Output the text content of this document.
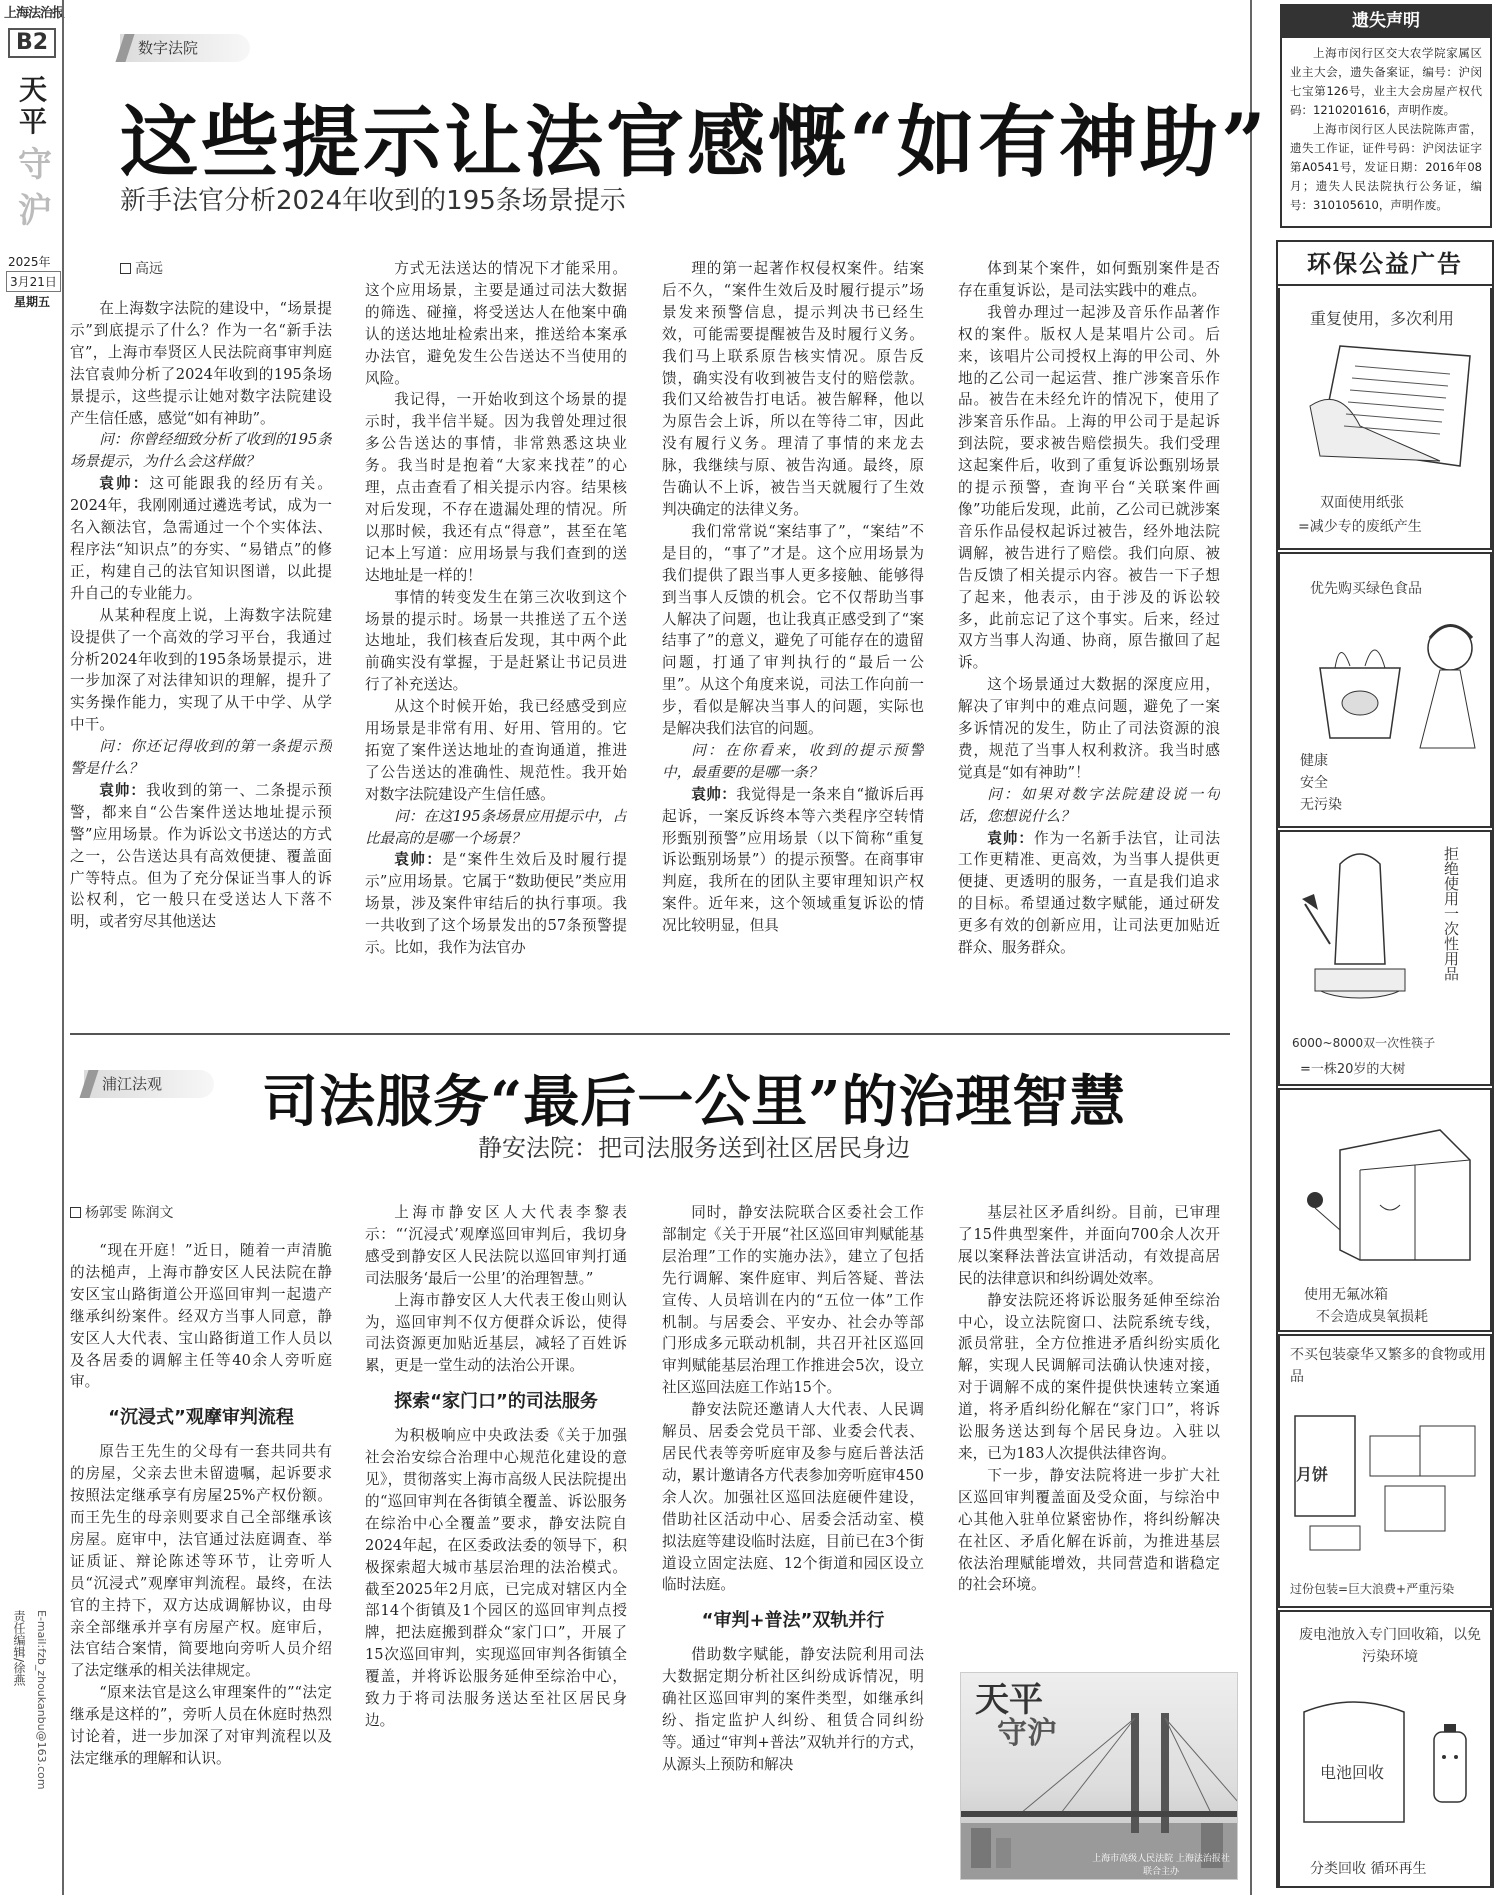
上海法治报
B2
天平
守沪
2025年
3月21日
星期五
责任编辑/徐燕 E-mail:fzb_zhoukanbu@163.com
数字法院
这些提示让法官感慨“如有神助”
新手法官分析2024年收到的195条场景提示
高远

在上海数字法院的建设中，“场景提示”到底提示了什么？作为一名“新手法官”，上海市奉贤区人民法院商事审判庭法官袁帅分析了2024年收到的195条场景提示，这些提示让她对数字法院建设产生信任感，感觉“如有神助”。

问：你曾经细致分析了收到的195条场景提示，为什么会这样做？

袁帅：这可能跟我的经历有关。2024年，我刚刚通过遴选考试，成为一名入额法官，急需通过一个个实体法、程序法“知识点”的夯实、“易错点”的修正，构建自己的法官知识图谱，以此提升自己的专业能力。

从某种程度上说，上海数字法院建设提供了一个高效的学习平台，我通过分析2024年收到的195条场景提示，进一步加深了对法律知识的理解，提升了实务操作能力，实现了从干中学、从学中干。

问：你还记得收到的第一条提示预警是什么？

袁帅：我收到的第一、二条提示预警，都来自“公告案件送达地址提示预警”应用场景。作为诉讼文书送达的方式之一，公告送达具有高效便捷、覆盖面广等特点。但为了充分保证当事人的诉讼权利，它一般只在受送达人下落不明，或者穷尽其他送达

方式无法送达的情况下才能采用。这个应用场景，主要是通过司法大数据的筛选、碰撞，将受送达人在他案中确认的送达地址检索出来，推送给本案承办法官，避免发生公告送达不当使用的风险。

我记得，一开始收到这个场景的提示时，我半信半疑。因为我曾处理过很多公告送达的事情，非常熟悉这块业务。我当时是抱着“大家来找茬”的心理，点击查看了相关提示内容。结果核对后发现，不存在遗漏处理的情况。所以那时候，我还有点“得意”，甚至在笔记本上写道：应用场景与我们查到的送达地址是一样的！

事情的转变发生在第三次收到这个场景的提示时。场景一共推送了五个送达地址，我们核查后发现，其中两个此前确实没有掌握，于是赶紧让书记员进行了补充送达。

从这个时候开始，我已经感受到应用场景是非常有用、好用、管用的。它拓宽了案件送达地址的查询通道，推进了公告送达的准确性、规范性。我开始对数字法院建设产生信任感。

问：在这195条场景应用提示中，占比最高的是哪一个场景？

袁帅：是“案件生效后及时履行提示”应用场景。它属于“数助便民”类应用场景，涉及案件审结后的执行事项。我一共收到了这个场景发出的57条预警提示。比如，我作为法官办

理的第一起著作权侵权案件。结案后不久，“案件生效后及时履行提示”场景发来预警信息，提示判决书已经生效，可能需要提醒被告及时履行义务。我们马上联系原告核实情况。原告反馈，确实没有收到被告支付的赔偿款。我们又给被告打电话。被告解释，他以为原告会上诉，所以在等待二审，因此没有履行义务。理清了事情的来龙去脉，我继续与原、被告沟通。最终，原告确认不上诉，被告当天就履行了生效判决确定的法律义务。

我们常常说“案结事了”，“案结”不是目的，“事了”才是。这个应用场景为我们提供了跟当事人更多接触、能够得到当事人反馈的机会。它不仅帮助当事人解决了问题，也让我真正感受到了“案结事了”的意义，避免了可能存在的遗留问题，打通了审判执行的“最后一公里”。从这个角度来说，司法工作向前一步，看似是解决当事人的问题，实际也是解决我们法官的问题。

问：在你看来，收到的提示预警中，最重要的是哪一条？

袁帅：我觉得是一条来自“撤诉后再起诉，一案反诉终本等六类程序空转情形甄别预警”应用场景（以下简称“重复诉讼甄别场景”）的提示预警。在商事审判庭，我所在的团队主要审理知识产权案件。近年来，这个领域重复诉讼的情况比较明显，但具

体到某个案件，如何甄别案件是否存在重复诉讼，是司法实践中的难点。

我曾办理过一起涉及音乐作品著作权的案件。版权人是某唱片公司。后来，该唱片公司授权上海的甲公司、外地的乙公司一起运营、推广涉案音乐作品。被告在未经允许的情况下，使用了涉案音乐作品。上海的甲公司于是起诉到法院，要求被告赔偿损失。我们受理这起案件后，收到了重复诉讼甄别场景的提示预警，查询平台“关联案件画像”功能后发现，此前，乙公司已就涉案音乐作品侵权起诉过被告，经外地法院调解，被告进行了赔偿。我们向原、被告反馈了相关提示内容。被告一下子想了起来，他表示，由于涉及的诉讼较多，此前忘记了这个事实。后来，经过双方当事人沟通、协商，原告撤回了起诉。

这个场景通过大数据的深度应用，解决了审判中的难点问题，避免了一案多诉情况的发生，防止了司法资源的浪费，规范了当事人权利救济。我当时感觉真是“如有神助”！

问：如果对数字法院建设说一句话，您想说什么？

袁帅：作为一名新手法官，让司法工作更精准、更高效，为当事人提供更便捷、更透明的服务，一直是我们追求的目标。希望通过数字赋能，通过研发更多有效的创新应用，让司法更加贴近群众、服务群众。

浦江法观	司法服务“最后一公里”的治理智慧
静安法院：把司法服务送到社区居民身边
杨郭雯 陈润文

“现在开庭！”近日，随着一声清脆的法槌声，上海市静安区人民法院在静安区宝山路街道公开巡回审判一起遗产继承纠纷案件。经双方当事人同意，静安区人大代表、宝山路街道工作人员以及各居委的调解主任等40余人旁听庭审。

“沉浸式”观摩审判流程

原告王先生的父母有一套共同共有的房屋，父亲去世未留遗嘱，起诉要求按照法定继承享有房屋25%产权份额。而王先生的母亲则要求自己全部继承该房屋。庭审中，法官通过法庭调查、举证质证、辩论陈述等环节，让旁听人员“沉浸式”观摩审判流程。最终，在法官的主持下，双方达成调解协议，由母亲全部继承并享有房屋产权。庭审后，法官结合案情，简要地向旁听人员介绍了法定继承的相关法律规定。

“原来法官是这么审理案件的”“法定继承是这样的”，旁听人员在休庭时热烈讨论着，进一步加深了对审判流程以及法定继承的理解和认识。

上海市静安区人大代表李黎表示：“‘沉浸式’观摩巡回审判后，我切身感受到静安区人民法院以巡回审判打通司法服务‘最后一公里’的治理智慧。”

上海市静安区人大代表王俊山则认为，巡回审判不仅方便群众诉讼，使得司法资源更加贴近基层，减轻了百姓诉累，更是一堂生动的法治公开课。

探索“家门口”的司法服务

为积极响应中央政法委《关于加强社会治安综合治理中心规范化建设的意见》，贯彻落实上海市高级人民法院提出的“巡回审判在各街镇全覆盖、诉讼服务在综治中心全覆盖”要求，静安法院自2024年起，在区委政法委的领导下，积极探索超大城市基层治理的法治模式。截至2025年2月底，已完成对辖区内全部14个街镇及1个园区的巡回审判点授牌，把法庭搬到群众“家门口”，开展了15次巡回审判，实现巡回审判各街镇全覆盖，并将诉讼服务延伸至综治中心，致力于将司法服务送达至社区居民身边。

同时，静安法院联合区委社会工作部制定《关于开展“社区巡回审判赋能基层治理”工作的实施办法》，建立了包括先行调解、案件庭审、判后答疑、普法宣传、人员培训在内的“五位一体”工作机制。与居委会、平安办、社会办等部门形成多元联动机制，共召开社区巡回审判赋能基层治理工作推进会5次，设立社区巡回法庭工作站15个。

静安法院还邀请人大代表、人民调解员、居委会党员干部、业委会代表、居民代表等旁听庭审及参与庭后普法活动，累计邀请各方代表参加旁听庭审450余人次。加强社区巡回法庭硬件建设，借助社区活动中心、居委会活动室、模拟法庭等建设临时法庭，目前已在3个街道设立固定法庭、12个街道和园区设立临时法庭。

“审判+普法”双轨并行

借助数字赋能，静安法院利用司法大数据定期分析社区纠纷成诉情况，明确社区巡回审判的案件类型，如继承纠纷、指定监护人纠纷、租赁合同纠纷等。通过“审判+普法”双轨并行的方式，从源头上预防和解决

基层社区矛盾纠纷。目前，已审理了15件典型案件，并面向700余人次开展以案释法普法宣讲活动，有效提高居民的法律意识和纠纷调处效率。

静安法院还将诉讼服务延伸至综治中心，设立法院窗口、法院系统专线，派员常驻，全方位推进矛盾纠纷实质化解，实现人民调解司法确认快速对接，对于调解不成的案件提供快速转立案通道，将矛盾纠纷化解在“家门口”，将诉讼服务送达到每个居民身边。入驻以来，已为183人次提供法律咨询。

下一步，静安法院将进一步扩大社区巡回审判覆盖面及受众面，与综治中心其他入驻单位紧密协作，将纠纷解决在社区、矛盾化解在诉前，为推进基层依法治理赋能增效，共同营造和谐稳定的社会环境。

天平
守沪
上海市高级人民法院 上海法治报社 联合主办
遗失声明

上海市闵行区交大农学院家属区业主大会，遗失备案证，编号：沪闵七宝第126号，业主大会房屋产权代码：1210201616，声明作废。

上海市闵行区人民法院陈声雷，遗失工作证，证件号码：沪闵法证字第A0541号，发证日期：2016年08月；遗失人民法院执行公务证，编号：310105610，声明作废。

环保公益广告
重复使用，多次利用
双面使用纸张
=减少专的废纸产生
优先购买绿色食品
健康
安全
无污染
拒绝使用一次性用品
6000~8000双一次性筷子
=一株20岁的大树
使用无氟冰箱
不会造成臭氧损耗
不买包装豪华又繁多的食物或用品
月饼
过份包装=巨大浪费+严重污染
废电池放入专门回收箱，以免污染环境
电池回收
分类回收 循环再生
